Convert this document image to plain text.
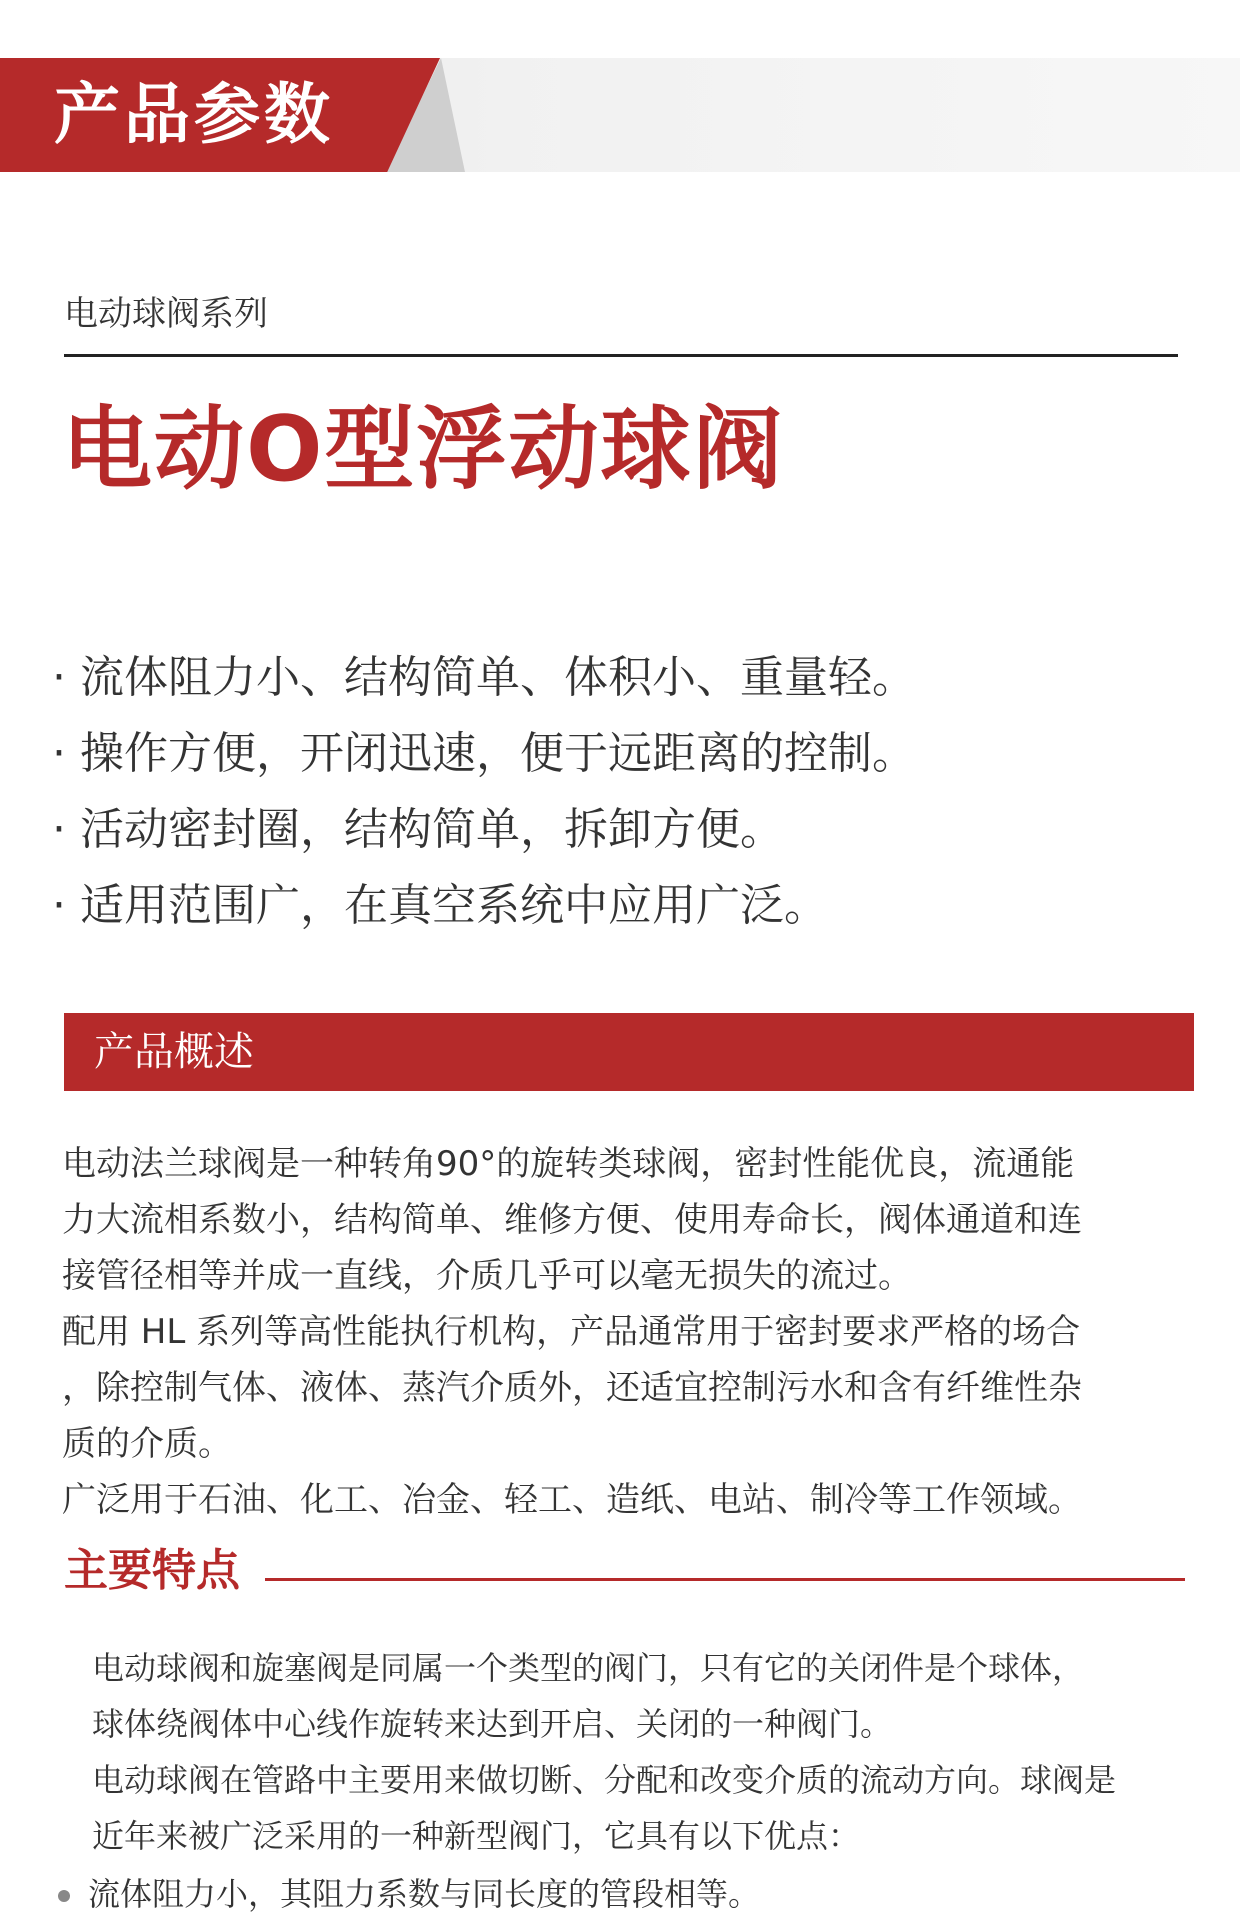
产品参数
电动球阀系列
电动O型浮动球阀
· 流体阻力小、结构简单、体积小、重量轻。
· 操作方便，开闭迅速，便于远距离的控制。
· 活动密封圈，结构简单，拆卸方便。
· 适用范围广，在真空系统中应用广泛。
产品概述

电动法兰球阀是一种转角90°的旋转类球阀，密封性能优良，流通能

力大流相系数小，结构简单、维修方便、使用寿命长，阀体通道和连

接管径相等并成一直线，介质几乎可以毫无损失的流过。

配用 HL 系列等高性能执行机构，产品通常用于密封要求严格的场合

，除控制气体、液体、蒸汽介质外，还适宜控制污水和含有纤维性杂

质的介质。

广泛用于石油、化工、冶金、轻工、造纸、电站、制冷等工作领域。

主要特点

电动球阀和旋塞阀是同属一个类型的阀门，只有它的关闭件是个球体，

球体绕阀体中心线作旋转来达到开启、关闭的一种阀门。

电动球阀在管路中主要用来做切断、分配和改变介质的流动方向。球阀是

近年来被广泛采用的一种新型阀门，它具有以下优点：

流体阻力小，其阻力系数与同长度的管段相等。
